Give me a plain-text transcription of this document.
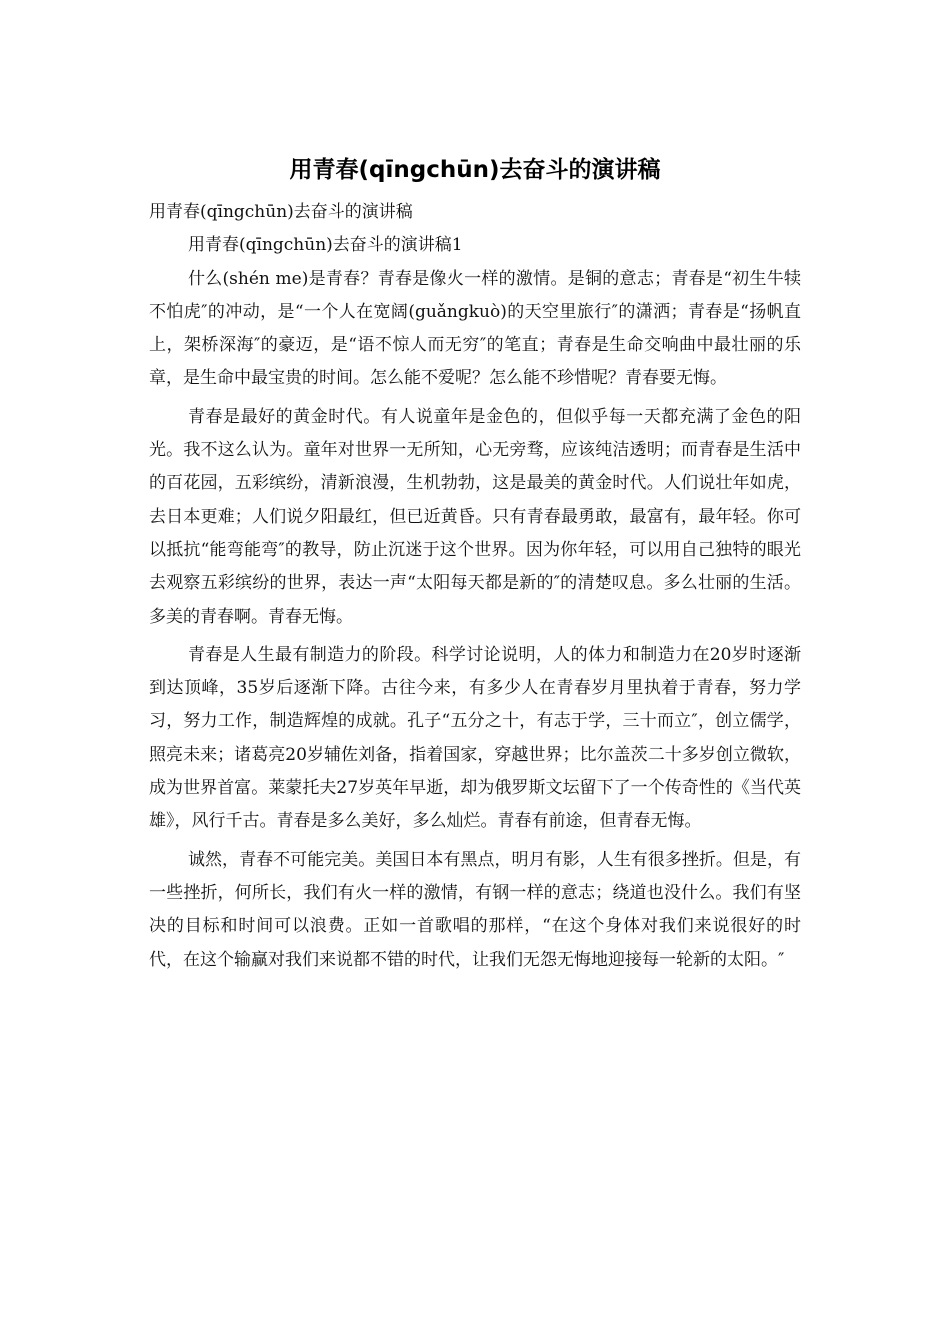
用青春(qīngchūn)去奋斗的演讲稿

用青春(qīngchūn)去奋斗的演讲稿

用青春(qīngchūn)去奋斗的演讲稿1

什么(shén me)是青春？青春是像火一样的激情。是铜的意志；青春是“初生牛犊不怕虎″的冲动，是“一个人在宽阔(guǎngkuò)的天空里旅行″的潇洒；青春是“扬帆直上，架桥深海″的豪迈，是“语不惊人而无穷″的笔直；青春是生命交响曲中最壮丽的乐章，是生命中最宝贵的时间。怎么能不爱呢？怎么能不珍惜呢？青春要无悔。

青春是最好的黄金时代。有人说童年是金色的，但似乎每一天都充满了金色的阳光。我不这么认为。童年对世界一无所知，心无旁骛，应该纯洁透明；而青春是生活中的百花园，五彩缤纷，清新浪漫，生机勃勃，这是最美的黄金时代。人们说壮年如虎，去日本更难；人们说夕阳最红，但已近黄昏。只有青春最勇敢，最富有，最年轻。你可以抵抗“能弯能弯″的教导，防止沉迷于这个世界。因为你年轻，可以用自己独特的眼光去观察五彩缤纷的世界，表达一声“太阳每天都是新的″的清楚叹息。多么壮丽的生活。多美的青春啊。青春无悔。

青春是人生最有制造力的阶段。科学讨论说明，人的体力和制造力在20岁时逐渐到达顶峰，35岁后逐渐下降。古往今来，有多少人在青春岁月里执着于青春，努力学习，努力工作，制造辉煌的成就。孔子“五分之十，有志于学，三十而立″，创立儒学，照亮未来；诸葛亮20岁辅佐刘备，指着国家，穿越世界；比尔盖茨二十多岁创立微软，成为世界首富。莱蒙托夫27岁英年早逝，却为俄罗斯文坛留下了一个传奇性的《当代英雄》，风行千古。青春是多么美好，多么灿烂。青春有前途，但青春无悔。

诚然，青春不可能完美。美国日本有黑点，明月有影，人生有很多挫折。但是，有一些挫折，何所长，我们有火一样的激情，有钢一样的意志；绕道也没什么。我们有坚决的目标和时间可以浪费。正如一首歌唱的那样，“在这个身体对我们来说很好的时代，在这个输赢对我们来说都不错的时代，让我们无怨无悔地迎接每一轮新的太阳。″
